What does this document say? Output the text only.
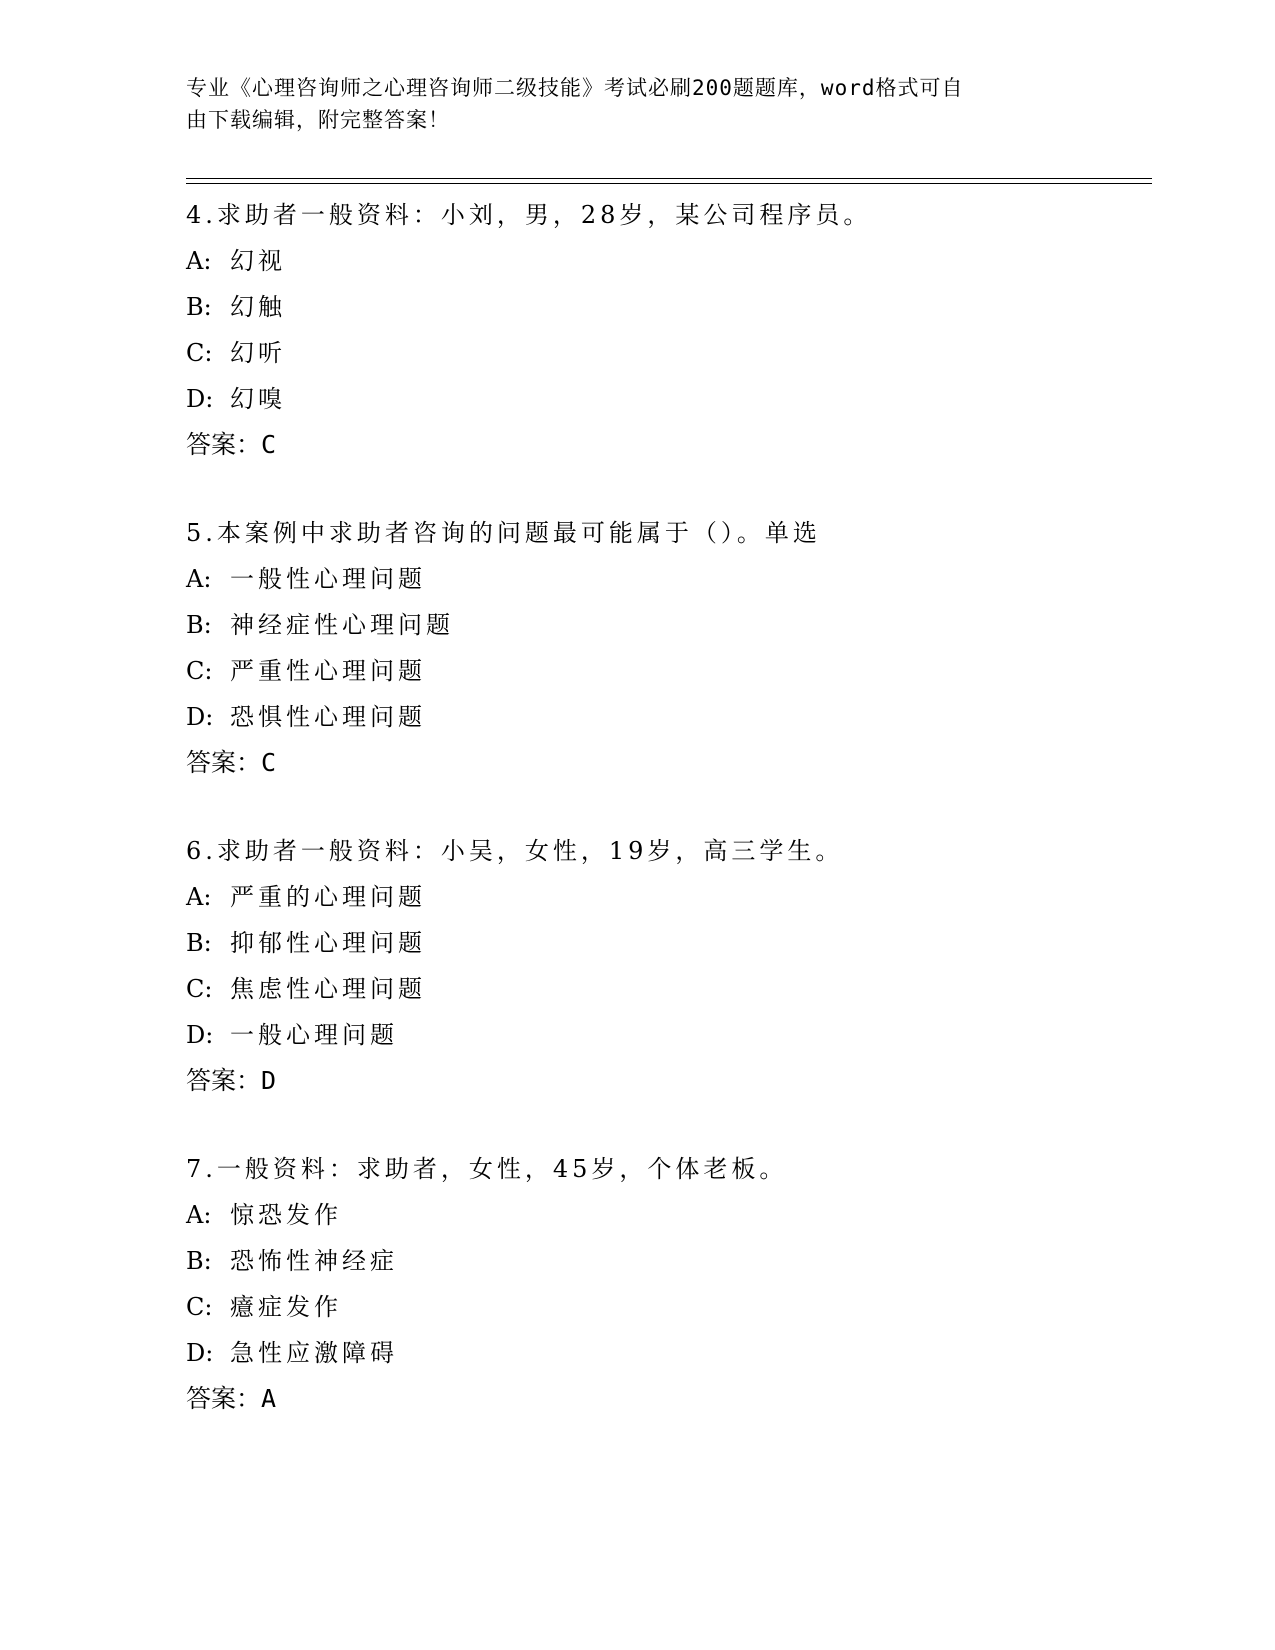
专业《心理咨询师之心理咨询师二级技能》考试必刷200题题库，word格式可自
由下载编辑，附完整答案！
4.求助者一般资料：小刘，男，28岁，某公司程序员。
A: 幻视
B: 幻触
C: 幻听
D: 幻嗅
答案：C
5.本案例中求助者咨询的问题最可能属于（）。单选
A: 一般性心理问题
B: 神经症性心理问题
C: 严重性心理问题
D: 恐惧性心理问题
答案：C
6.求助者一般资料：小吴，女性，19岁，高三学生。
A: 严重的心理问题
B: 抑郁性心理问题
C: 焦虑性心理问题
D: 一般心理问题
答案：D
7.一般资料：求助者，女性，45岁，个体老板。
A: 惊恐发作
B: 恐怖性神经症
C: 癔症发作
D: 急性应激障碍
答案：A
